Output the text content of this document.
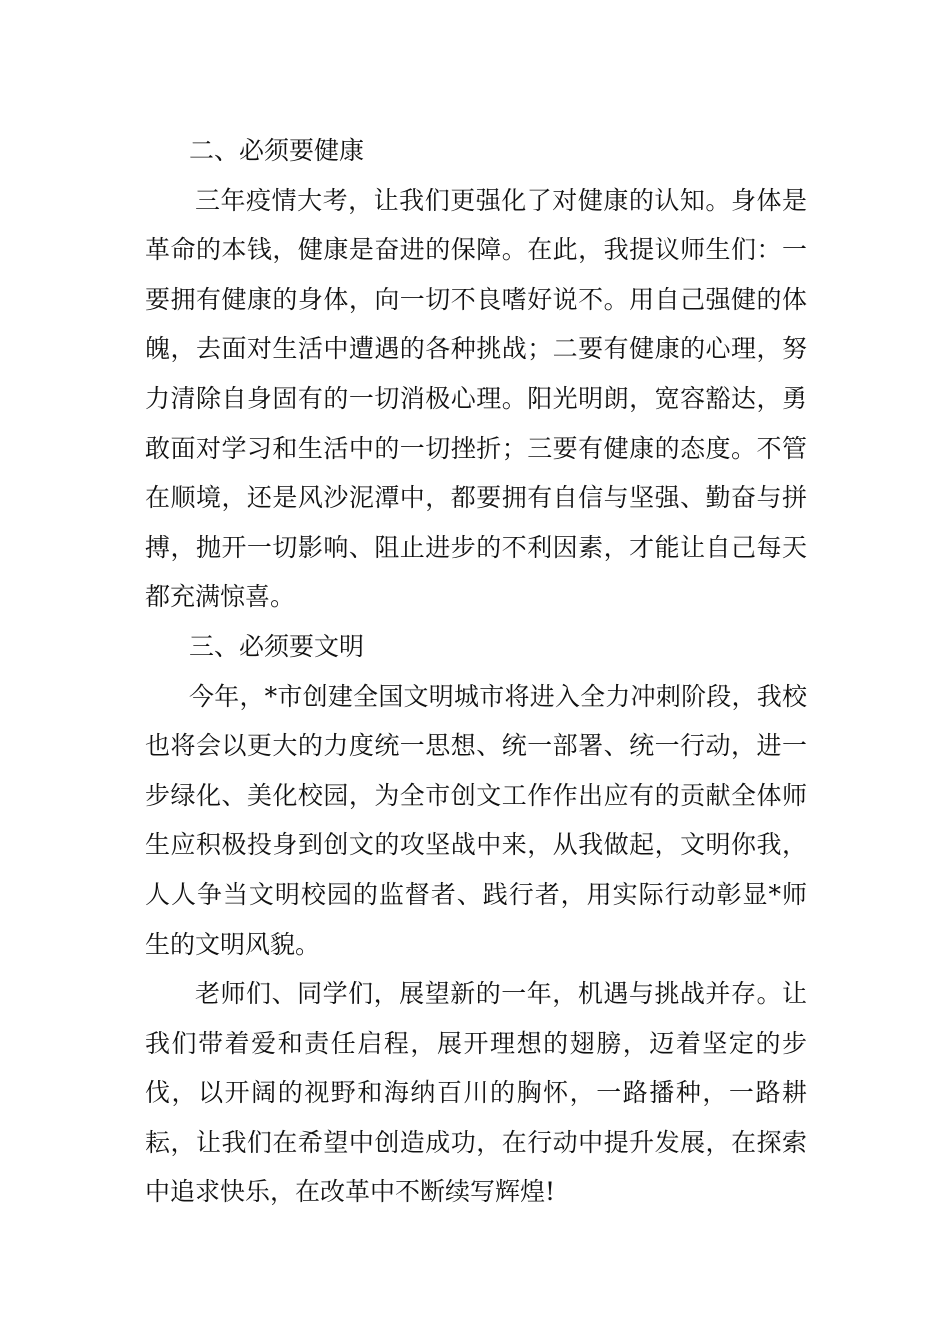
二、必须要健康

三年疫情大考，让我们更强化了对健康的认知。身体是革命的本钱，健康是奋进的保障。在此，我提议师生们：一要拥有健康的身体，向一切不良嗜好说不。用自己强健的体魄，去面对生活中遭遇的各种挑战；二要有健康的心理，努力清除自身固有的一切消极心理。阳光明朗，宽容豁达，勇敢面对学习和生活中的一切挫折；三要有健康的态度。不管在顺境，还是风沙泥潭中，都要拥有自信与坚强、勤奋与拼搏，抛开一切影响、阻止进步的不利因素，才能让自己每天都充满惊喜。

三、必须要文明

今年，*市创建全国文明城市将进入全力冲刺阶段，我校也将会以更大的力度统一思想、统一部署、统一行动，进一步绿化、美化校园，为全市创文工作作出应有的贡献全体师生应积极投身到创文的攻坚战中来，从我做起，文明你我，人人争当文明校园的监督者、践行者，用实际行动彰显*师生的文明风貌。

老师们、同学们，展望新的一年，机遇与挑战并存。让我们带着爱和责任启程，展开理想的翅膀，迈着坚定的步伐，以开阔的视野和海纳百川的胸怀，一路播种，一路耕耘，让我们在希望中创造成功，在行动中提升发展，在探索中追求快乐，在改革中不断续写辉煌!
